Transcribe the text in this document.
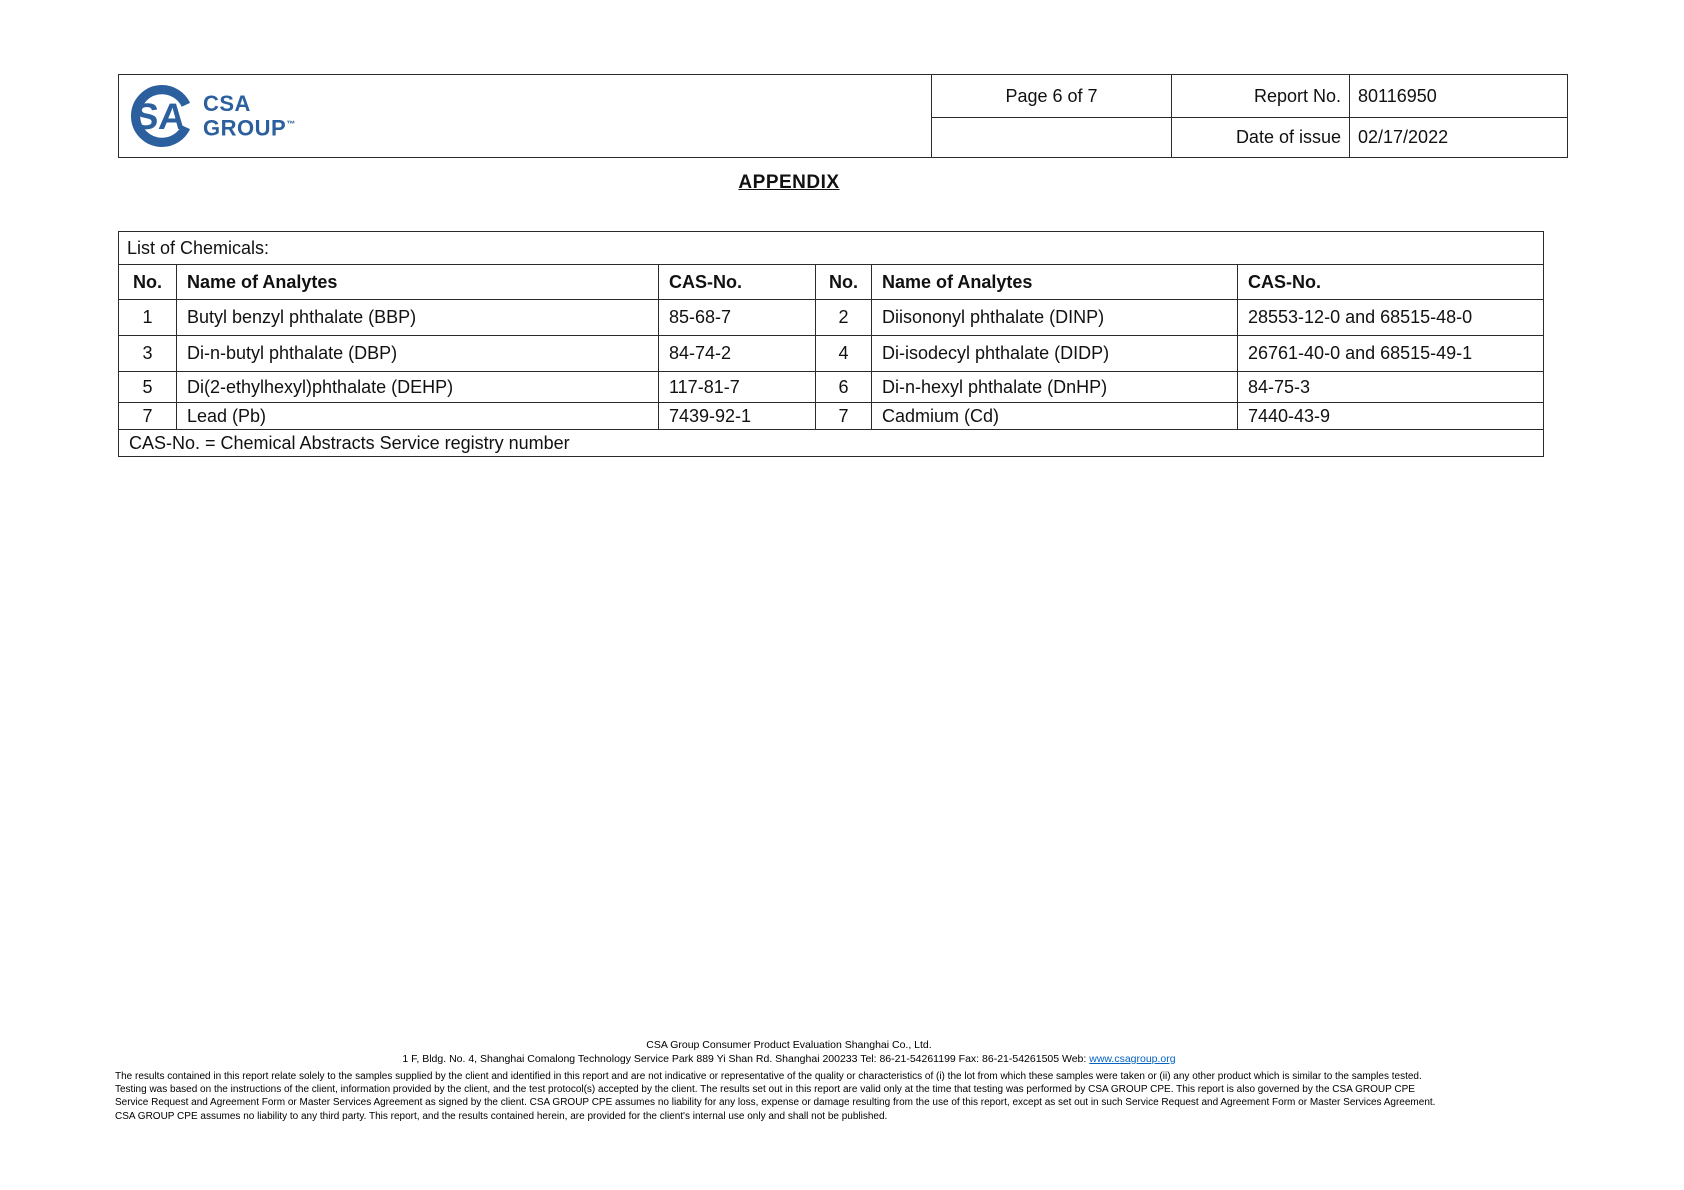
SA CSA
GROUP™	Page 6 of 7	Report No.	80116950
		Date of issue	02/17/2022
APPENDIX
List of Chemicals:					
No.	Name of Analytes	CAS-No.	No.	Name of Analytes	CAS-No.
1	Butyl benzyl phthalate (BBP)	85-68-7	2	Diisononyl phthalate (DINP)	28553-12-0 and 68515-48-0
3	Di-n-butyl phthalate (DBP)	84-74-2	4	Di-isodecyl phthalate (DIDP)	26761-40-0 and 68515-49-1
5	Di(2-ethylhexyl)phthalate (DEHP)	117-81-7	6	Di-n-hexyl phthalate (DnHP)	84-75-3
7	Lead (Pb)	7439-92-1	7	Cadmium (Cd)	7440-43-9
CAS-No. = Chemical Abstracts Service registry number					
CSA Group Consumer Product Evaluation Shanghai Co., Ltd.
1 F, Bldg. No. 4, Shanghai Comalong Technology Service Park 889 Yi Shan Rd. Shanghai 200233 Tel: 86-21-54261199 Fax: 86-21-54261505 Web: www.csagroup.org
The results contained in this report relate solely to the samples supplied by the client and identified in this report and are not indicative or representative of the quality or characteristics of (i) the lot from which these samples were taken or (ii) any other product which is similar to the samples tested.
Testing was based on the instructions of the client, information provided by the client, and the test protocol(s) accepted by the client. The results set out in this report are valid only at the time that testing was performed by CSA GROUP CPE. This report is also governed by the CSA GROUP CPE
Service Request and Agreement Form or Master Services Agreement as signed by the client. CSA GROUP CPE assumes no liability for any loss, expense or damage resulting from the use of this report, except as set out in such Service Request and Agreement Form or Master Services Agreement.
CSA GROUP CPE assumes no liability to any third party. This report, and the results contained herein, are provided for the client's internal use only and shall not be published.
